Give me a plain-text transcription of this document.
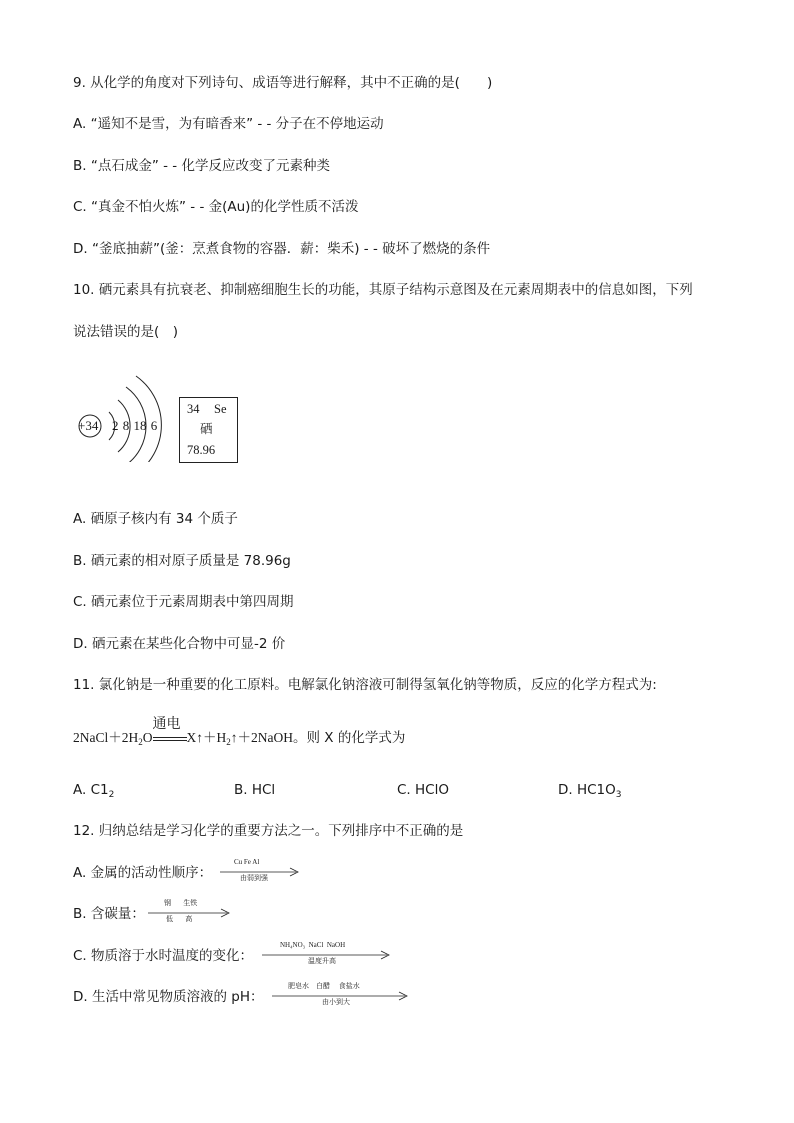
9. 从化学的角度对下列诗句、成语等进行解释，其中不正确的是(　　)
A. “遥知不是雪，为有暗香来” - - 分子在不停地运动
B. “点石成金” - - 化学反应改变了元素种类
C. “真金不怕火炼” - - 金(Au)的化学性质不活泼
D. “釜底抽薪”(釜：烹煮食物的容器．薪：柴禾) - - 破坏了燃烧的条件
10. 硒元素具有抗衰老、抑制癌细胞生长的功能，其原子结构示意图及在元素周期表中的信息如图，下列
说法错误的是(　)
+34 2 8 18 6
34 Se
硒
78.96
A. 硒原子核内有 34 个质子
B. 硒元素的相对原子质量是 78.96g
C. 硒元素位于元素周期表中第四周期
D. 硒元素在某些化合物中可显-2 价
11. 氯化钠是一种重要的化工原料。电解氯化钠溶液可制得氢氧化钠等物质，反应的化学方程式为:
$2NaCl+2H_2O$
通电
$X↑+H_2↑+2NaOH$。则 X 的化学式为
A. $C1_2$	B. HCl	C. HClO	D. $HC1O_3$
12. 归纳总结是学习化学的重要方法之一。下列排序中不正确的是
A. 金属的活动性顺序：
Cu Fe Al
由弱到强
B. 含碳量：
钢       生铁
低       高
C. 物质溶于水时温度的变化：
NH₄NO₃  NaCl  NaOH
温度升高
D. 生活中常见物质溶液的 pH：
肥皂水    白醋     食盐水
由小到大
